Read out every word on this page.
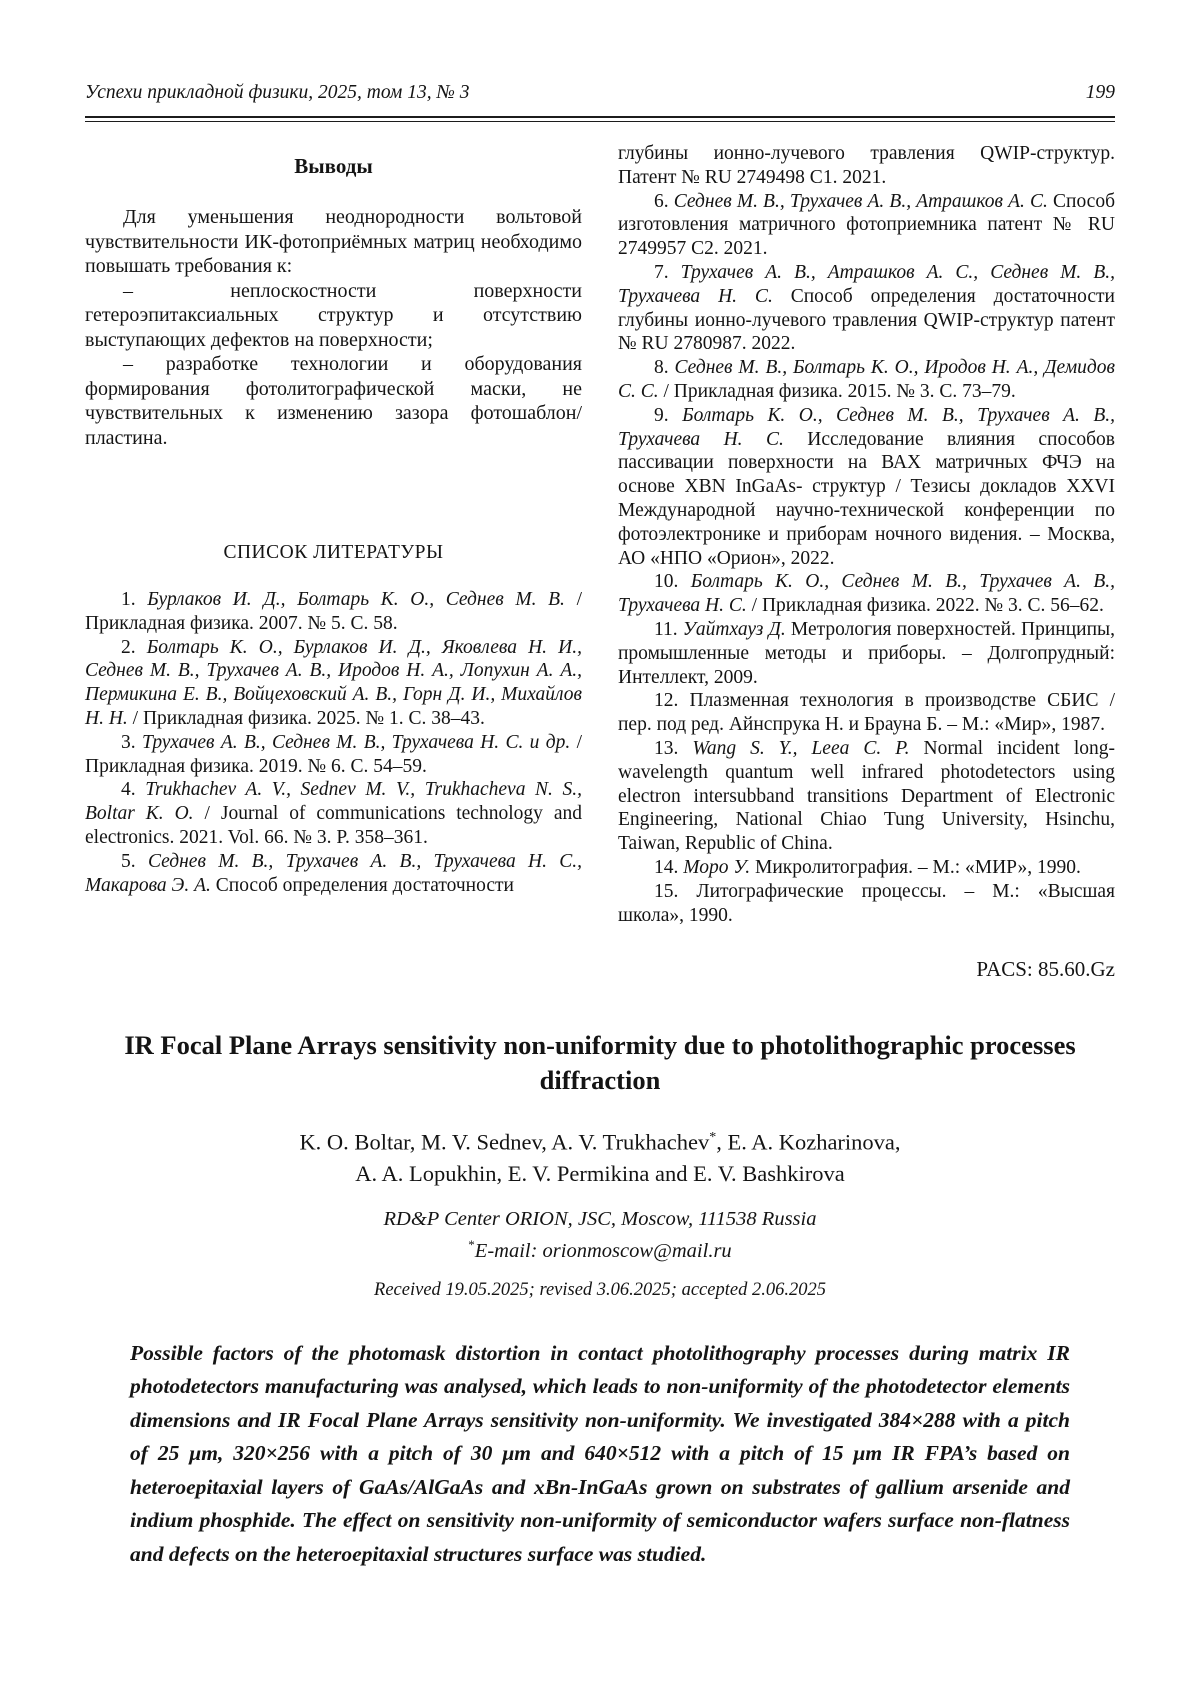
Успехи прикладной физики, 2025, том 13, № 3	199
Выводы

Для уменьшения неоднородности вольтовой чувствительности ИК-фотоприёмных матриц необходимо повышать требования к:

– неплоскостности поверхности гетероэпитаксиальных структур и отсутствию выступающих дефектов на поверхности;

– разработке технологии и оборудования формирования фотолитографической маски, не чувствительных к изменению зазора фотошаблон/пластина.

СПИСОК ЛИТЕРАТУРЫ

1. Бурлаков И. Д., Болтарь К. О., Седнев М. В. / Прикладная физика. 2007. № 5. С. 58.

2. Болтарь К. О., Бурлаков И. Д., Яковлева Н. И., Седнев М. В., Трухачев А. В., Иродов Н. А., Лопухин А. А., Пермикина Е. В., Войцеховский А. В., Горн Д. И., Михайлов Н. Н. / Прикладная физика. 2025. № 1. С. 38–43.

3. Трухачев А. В., Седнев М. В., Трухачева Н. С. и др. / Прикладная физика. 2019. № 6. С. 54–59.

4. Trukhachev A. V., Sednev M. V., Trukhacheva N. S., Boltar K. O. / Journal of communications technology and electronics. 2021. Vol. 66. № 3. P. 358–361.

5. Седнев М. В., Трухачев А. В., Трухачева Н. С., Макарова Э. А. Способ определения достаточности

глубины ионно-лучевого травления QWIP-структур. Патент № RU 2749498 C1. 2021.

6. Седнев М. В., Трухачев А. В., Атрашков А. С. Способ изготовления матричного фотоприемника патент № RU 2749957 C2. 2021.

7. Трухачев А. В., Атрашков А. С., Седнев М. В., Трухачева Н. С. Способ определения достаточности глубины ионно-лучевого травления QWIP-структур патент № RU 2780987. 2022.

8. Седнев М. В., Болтарь К. О., Иродов Н. А., Демидов С. С. / Прикладная физика. 2015. № 3. С. 73–79.

9. Болтарь К. О., Седнев М. В., Трухачев А. В., Трухачева Н. С. Исследование влияния способов пассивации поверхности на ВАХ матричных ФЧЭ на основе XBN InGaAs- структур / Тезисы докладов XXVI Международной научно-технической конференции по фотоэлектронике и приборам ночного видения. – Москва, АО «НПО «Орион», 2022.

10. Болтарь К. О., Седнев М. В., Трухачев А. В., Трухачева Н. С. / Прикладная физика. 2022. № 3. С. 56–62.

11. Уайтхауз Д. Метрология поверхностей. Принципы, промышленные методы и приборы. – Долгопрудный: Интеллект, 2009.

12. Плазменная технология в производстве СБИС / пер. под ред. Айнспрука Н. и Брауна Б. – М.: «Мир», 1987.

13. Wang S. Y., Leea C. P. Normal incident long-wavelength quantum well infrared photodetectors using electron intersubband transitions Department of Electronic Engineering, National Chiao Tung University, Hsinchu, Taiwan, Republic of China.

14. Моро У. Микролитография. – М.: «МИР», 1990.

15. Литографические процессы. – М.: «Высшая школа», 1990.

PACS: 85.60.Gz
IR Focal Plane Arrays sensitivity non-uniformity due to photolithographic processes diffraction
K. O. Boltar, M. V. Sednev, A. V. Trukhachev*, E. A. Kozharinova,
A. A. Lopukhin, E. V. Permikina and E. V. Bashkirova
RD&P Center ORION, JSC, Moscow, 111538 Russia
*E-mail: orionmoscow@mail.ru
Received 19.05.2025; revised 3.06.2025; accepted 2.06.2025
Possible factors of the photomask distortion in contact photolithography processes during matrix IR photodetectors manufacturing was analysed, which leads to non-uniformity of the photodetector elements dimensions and IR Focal Plane Arrays sensitivity non-uniformity. We investigated 384×288 with a pitch of 25 μm, 320×256 with a pitch of 30 μm and 640×512 with a pitch of 15 μm IR FPA’s based on heteroepitaxial layers of GaAs/AlGaAs and xBn-InGaAs grown on substrates of gallium arsenide and indium phosphide. The effect on sensitivity non-uniformity of semiconductor wafers surface non-flatness and defects on the heteroepitaxial structures surface was studied.
